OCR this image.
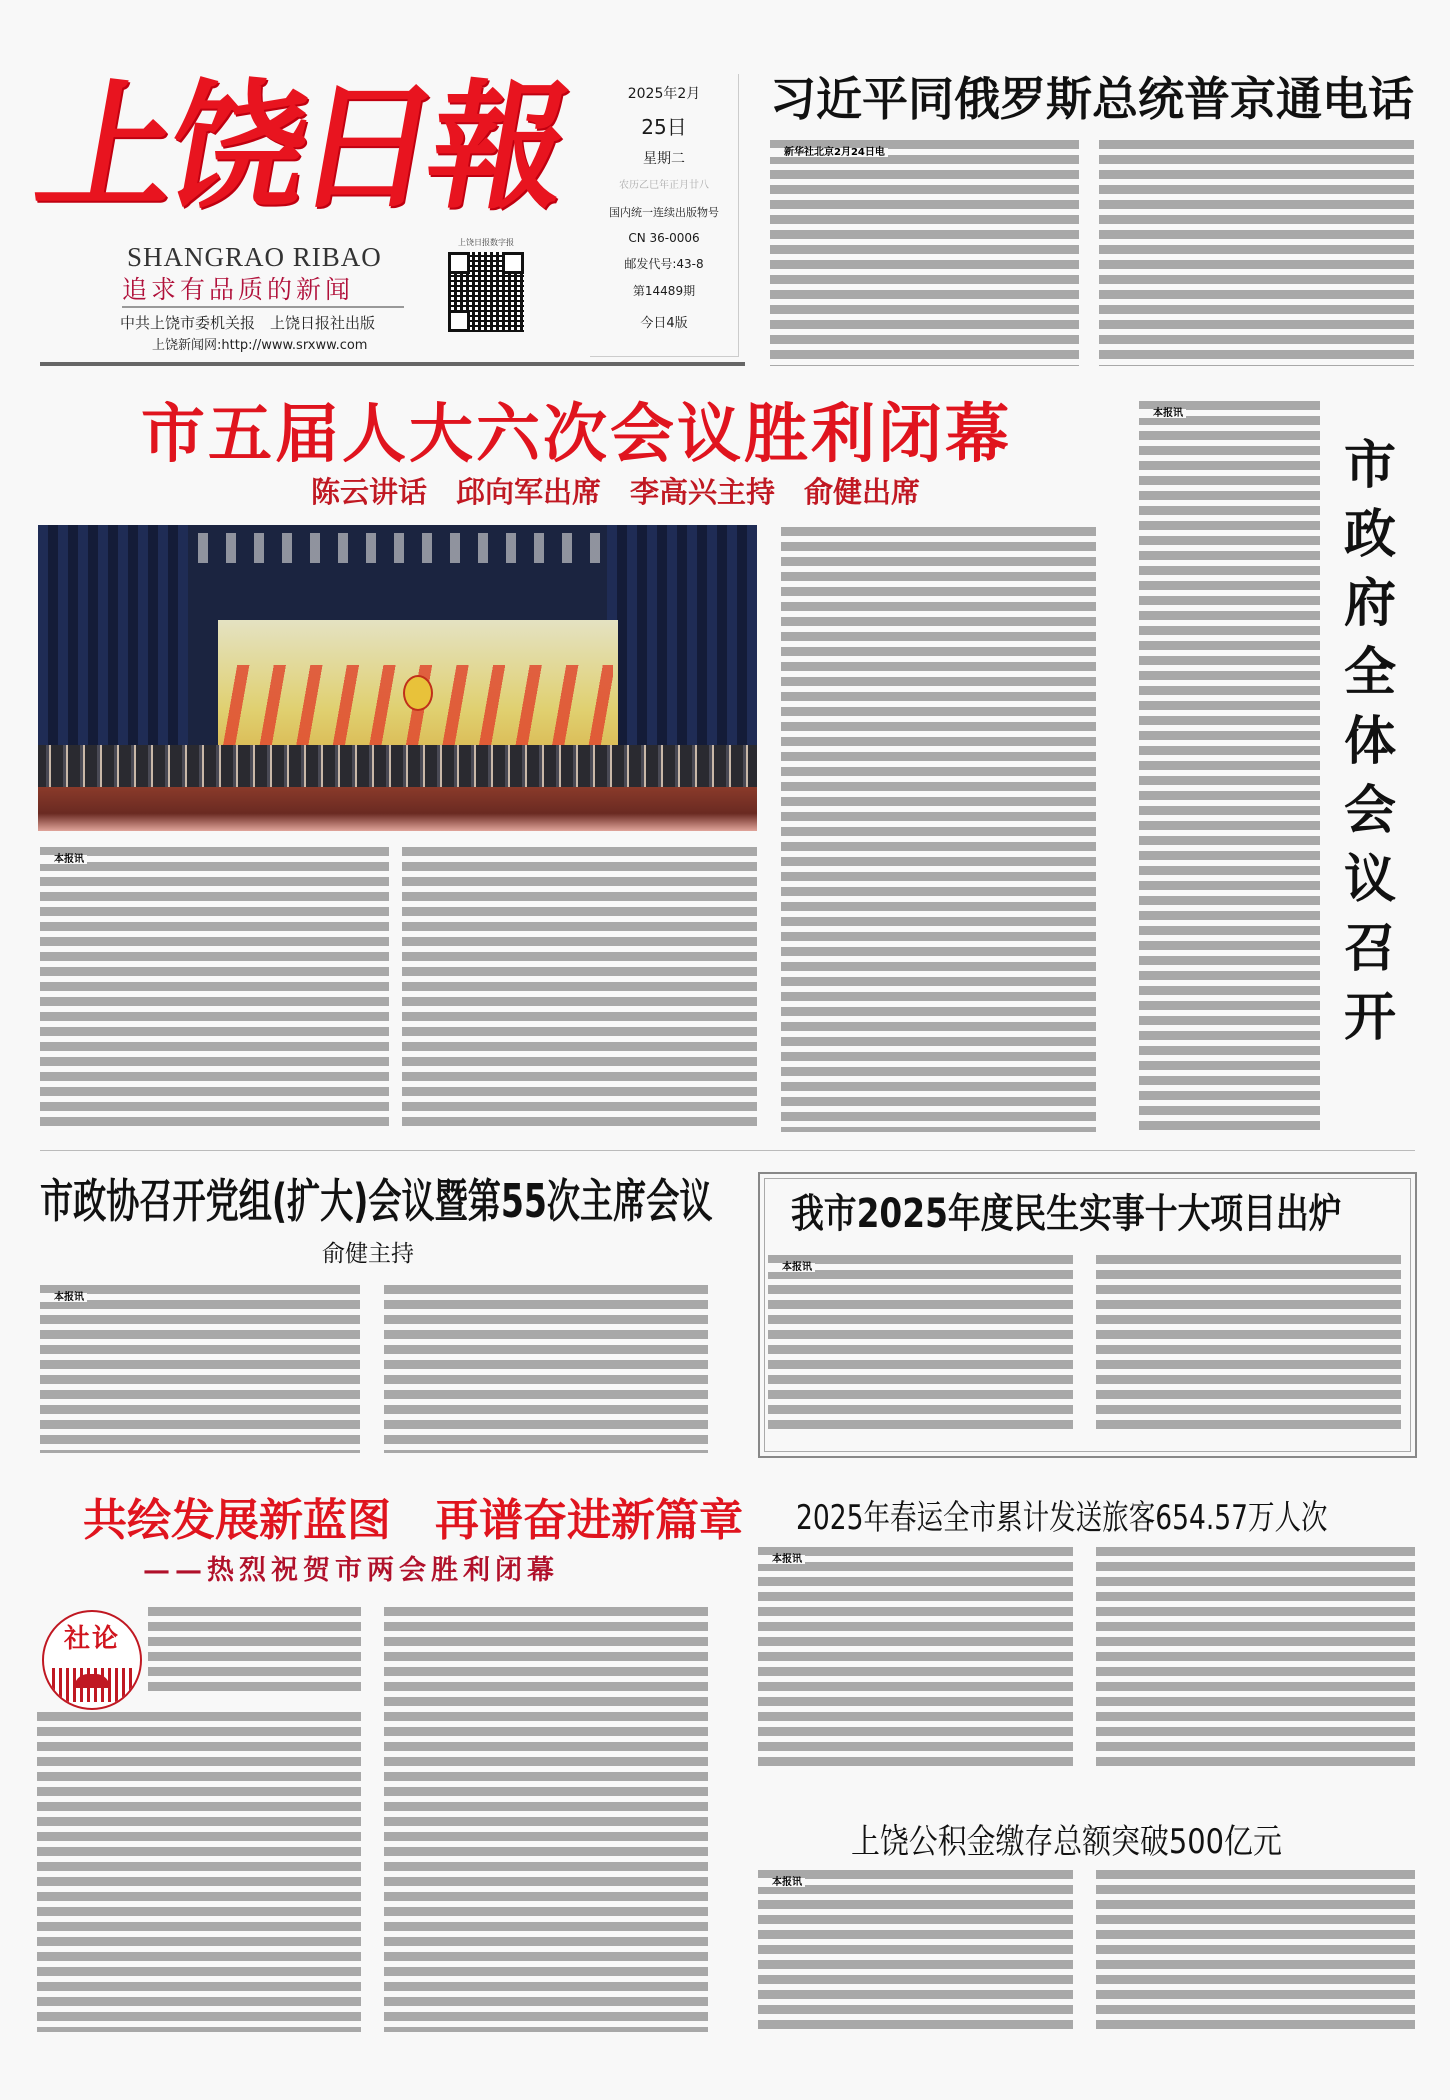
上饶日報
SHANGRAO RIBAO
追求有品质的新闻
中共上饶市委机关报　上饶日报社出版
上饶新闻网:http://www.srxww.com
上饶日报数字报
2025年2月
25日
星期二
农历乙巳年正月廿八
国内统一连续出版物号
CN 36-0006
邮发代号:43-8
第14489期
今日4版
习近平同俄罗斯总统普京通电话
新华社北京2月24日电
市五届人大六次会议胜利闭幕
陈云讲话　邱向军出席　李高兴主持　俞健出席
本报讯
本报讯
市政府全体会议召开
市政协召开党组(扩大)会议暨第55次主席会议
俞健主持
本报讯
我市2025年度民生实事十大项目出炉
本报讯
共绘发展新蓝图　再谱奋进新篇章
——热烈祝贺市两会胜利闭幕
社论
2025年春运全市累计发送旅客654.57万人次
本报讯
上饶公积金缴存总额突破500亿元
本报讯
